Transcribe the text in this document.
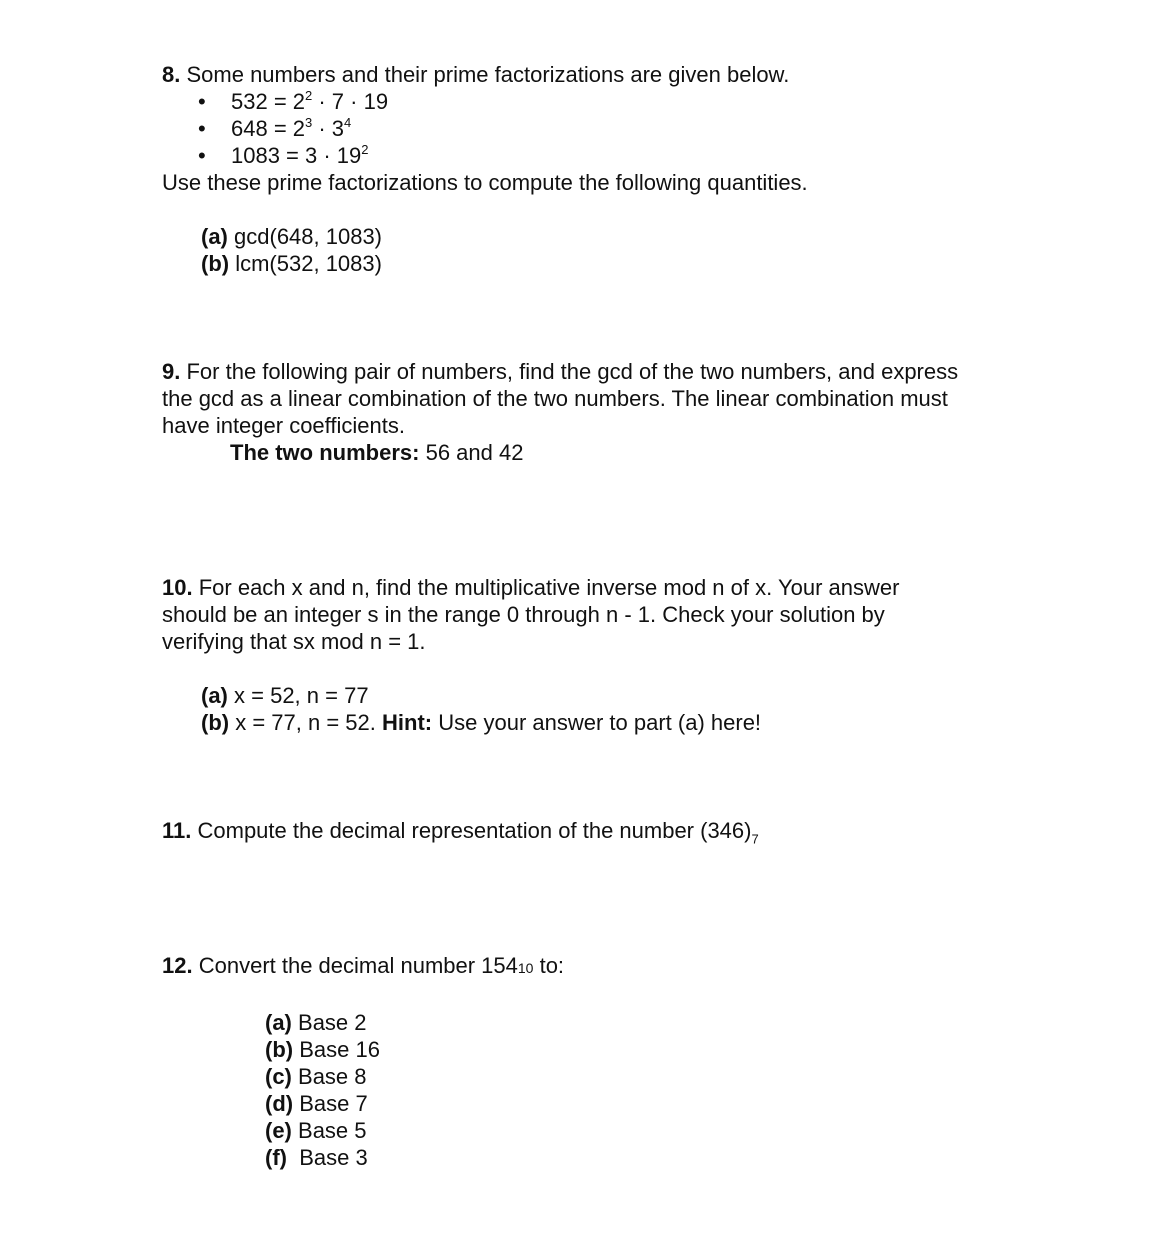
8. Some numbers and their prime factorizations are given below.
• $532 = 2^2 \cdot 7 \cdot 19$
• $648 = 2^3 \cdot 3^4$
• $1083 = 3 \cdot 19^2$
Use these prime factorizations to compute the following quantities.
(a) gcd(648, 1083)
(b) lcm(532, 1083)
9. For the following pair of numbers, find the gcd of the two numbers, and express
the gcd as a linear combination of the two numbers. The linear combination must
have integer coefficients.
The two numbers: 56 and 42
10. For each x and n, find the multiplicative inverse mod n of x. Your answer
should be an integer s in the range 0 through n - 1. Check your solution by
verifying that sx mod n = 1.
(a) x = 52, n = 77
(b) x = 77, n = 52. Hint: Use your answer to part (a) here!
11. Compute the decimal representation of the number $(346)_7$
12. Convert the decimal number 15410 to:
(a) Base 2
(b) Base 16
(c) Base 8
(d) Base 7
(e) Base 5
(f) Base 3
